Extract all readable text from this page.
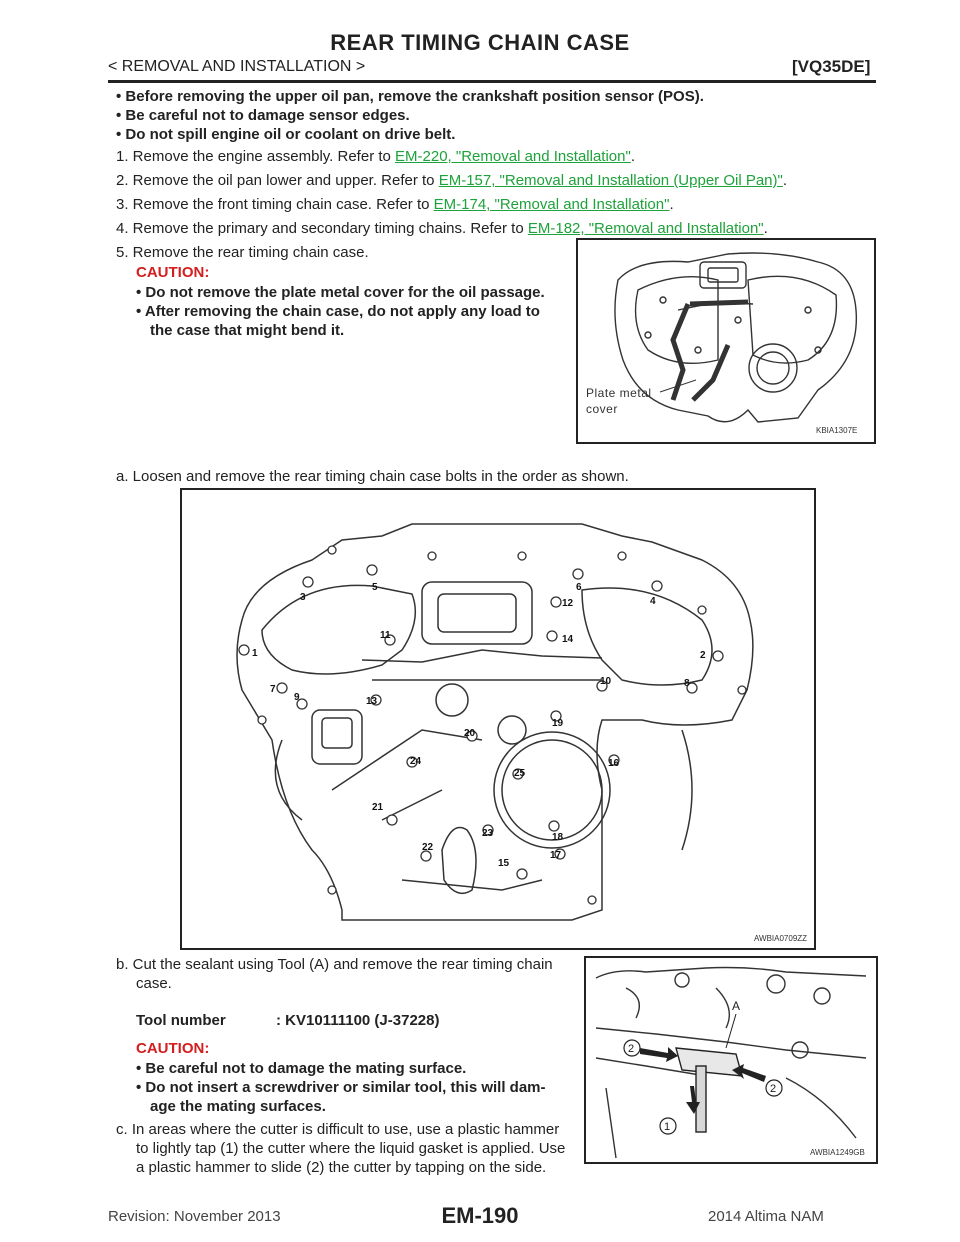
REAR TIMING CHAIN CASE
< REMOVAL AND INSTALLATION >	[VQ35DE]
• Before removing the upper oil pan, remove the crankshaft position sensor (POS).
• Be careful not to damage sensor edges.
• Do not spill engine oil or coolant on drive belt.
1. Remove the engine assembly. Refer to EM-220, "Removal and Installation".
2. Remove the oil pan lower and upper. Refer to EM-157, "Removal and Installation (Upper Oil Pan)".
3. Remove the front timing chain case. Refer to EM-174, "Removal and Installation".
4. Remove the primary and secondary timing chains. Refer to EM-182, "Removal and Installation".
5. Remove the rear timing chain case.
CAUTION:
• Do not remove the plate metal cover for the oil passage.
• After removing the chain case, do not apply any load to
the case that might bend it.
Plate metal
cover
KBIA1307E
a. Loosen and remove the rear timing chain case bolts in the order as shown.
1	2
3	4
5	6
7
8
9
10
11
12
13
14
15
16
17
18
19
20
21
22
23
24
25
AWBIA0709ZZ
b. Cut the sealant using Tool (A) and remove the rear timing chain
case.
Tool number	: KV10111100 (J-37228)
CAUTION:
• Be careful not to damage the mating surface.
• Do not insert a screwdriver or similar tool, this will dam-
age the mating surfaces.
c. In areas where the cutter is difficult to use, use a plastic hammer
to lightly tap (1) the cutter where the liquid gasket is applied. Use
a plastic hammer to slide (2) the cutter by tapping on the side.
2
2
1
A
AWBIA1249GB
Revision: November 2013	EM-190	2014 Altima NAM
